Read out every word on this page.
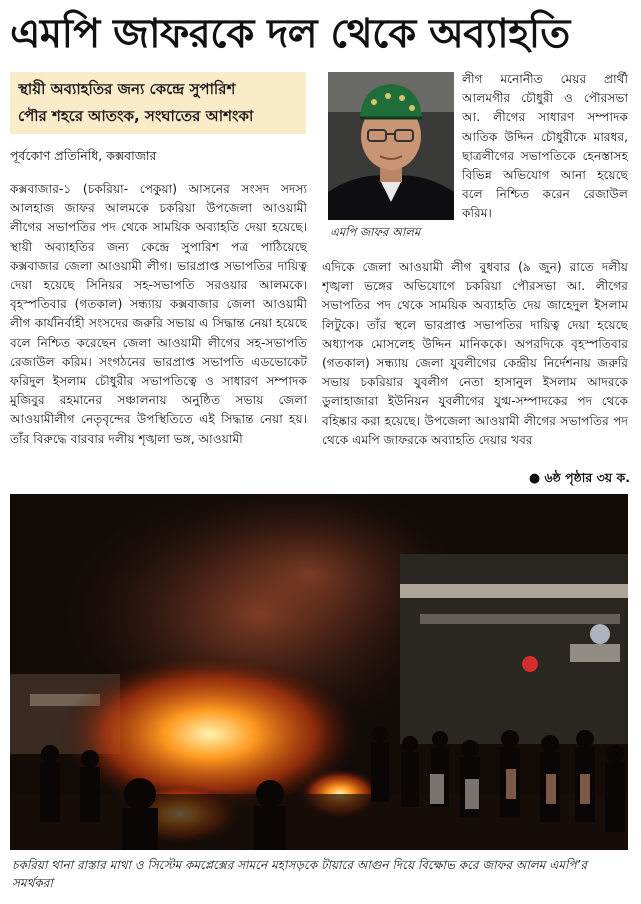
এমপি জাফরকে দল থেকে অব্যাহতি
স্থায়ী অব্যাহতির জন্য কেন্দ্রে সুপারিশ
পৌর শহরে আতংক, সংঘাতের আশংকা
পূর্বকোণ প্রতিনিধি, কক্সবাজার
কক্সবাজার-১ (চকরিয়া- পেকুয়া) আসনের সংসদ সদস্য আলহাজ জাফর আলমকে চকরিয়া উপজেলা আওয়ামী লীগের সভাপতির পদ থেকে সাময়িক অব্যাহতি দেয়া হয়েছে। স্থায়ী অব্যাহতির জন্য কেন্দ্রে সুপারিশ পত্র পাঠিয়েছে কক্সবাজার জেলা আওয়ামী লীগ। ভারপ্রাপ্ত সভাপতির দায়িত্ব দেয়া হয়েছে সিনিয়র সহ-সভাপতি সরওয়ার আলমকে। বৃহস্পতিবার (গতকাল) সন্ধ্যায় কক্সবাজার জেলা আওয়ামী লীগ কার্যনির্বাহী সংসদের জরুরি সভায় এ সিদ্ধান্ত নেয়া হয়েছে বলে নিশ্চিত করেছেন জেলা আওয়ামী লীগের সহ-সভাপতি রেজাউল করিম। সংগঠনের ভারপ্রাপ্ত সভাপতি এডভোকেট ফরিদুল ইসলাম চৌধুরীর সভাপতিত্বে ও সাধারণ সম্পাদক মুজিবুর রহমানের সঞ্চালনায় অনুষ্ঠিত সভায় জেলা আওয়ামীলীগ নেতৃবৃন্দের উপস্থিতিতে এই সিদ্ধান্ত নেয়া হয়। তাঁর বিরুদ্ধে বারবার দলীয় শৃঙ্খলা ভঙ্গ, আওয়ামী
এমপি জাফর আলম
লীগ মনোনীত মেয়র প্রার্থী আলমগীর চৌধুরী ও পৌরসভা আ. লীগের সাধারণ সম্পাদক আতিক উদ্দিন চৌধুরীকে মারধর, ছাত্রলীগের সভাপতিকে হেনস্তাসহ বিভিন্ন অভিযোগ আনা হয়েছে বলে নিশ্চিত করেন রেজাউল করিম।
এদিকে জেলা আওয়ামী লীগ বুধবার (৯ জুন) রাতে দলীয় শৃঙ্খলা ভঙ্গের অভিযোগে চকরিয়া পৌরসভা আ. লীগের সভাপতির পদ থেকে সাময়িক অব্যাহতি দেয় জাহেদুল ইসলাম লিটুকে। তাঁর স্থলে ভারপ্রাপ্ত সভাপতির দায়িত্ব দেয়া হয়েছে অধ্যাপক মোসলেহ উদ্দিন মানিককে। অপরদিকে বৃহস্পতিবার (গতকাল) সন্ধ্যায় জেলা যুবলীগের কেন্দ্রীয় নির্দেশনায় জরুরি সভায় চকরিয়ার যুবলীগ নেতা হাসানুল ইসলাম আদরকে ডুলাহাজারা ইউনিয়ন যুবলীগের যুগ্ম-সম্পাদকের পদ থেকে বহিষ্কার করা হয়েছে। উপজেলা আওয়ামী লীগের সভাপতির পদ থেকে এমপি জাফরকে অব্যাহতি দেয়ার খবর
● ৬ষ্ঠ পৃষ্ঠার ৩য় ক.
চকরিয়া থানা রাস্তার মাথা ও সিস্টেম কমপ্লেক্সের সামনে মহাসড়কে টায়ারে আগুন দিয়ে বিক্ষোভ করে জাফর আলম এমপি’র সমর্থকরা
